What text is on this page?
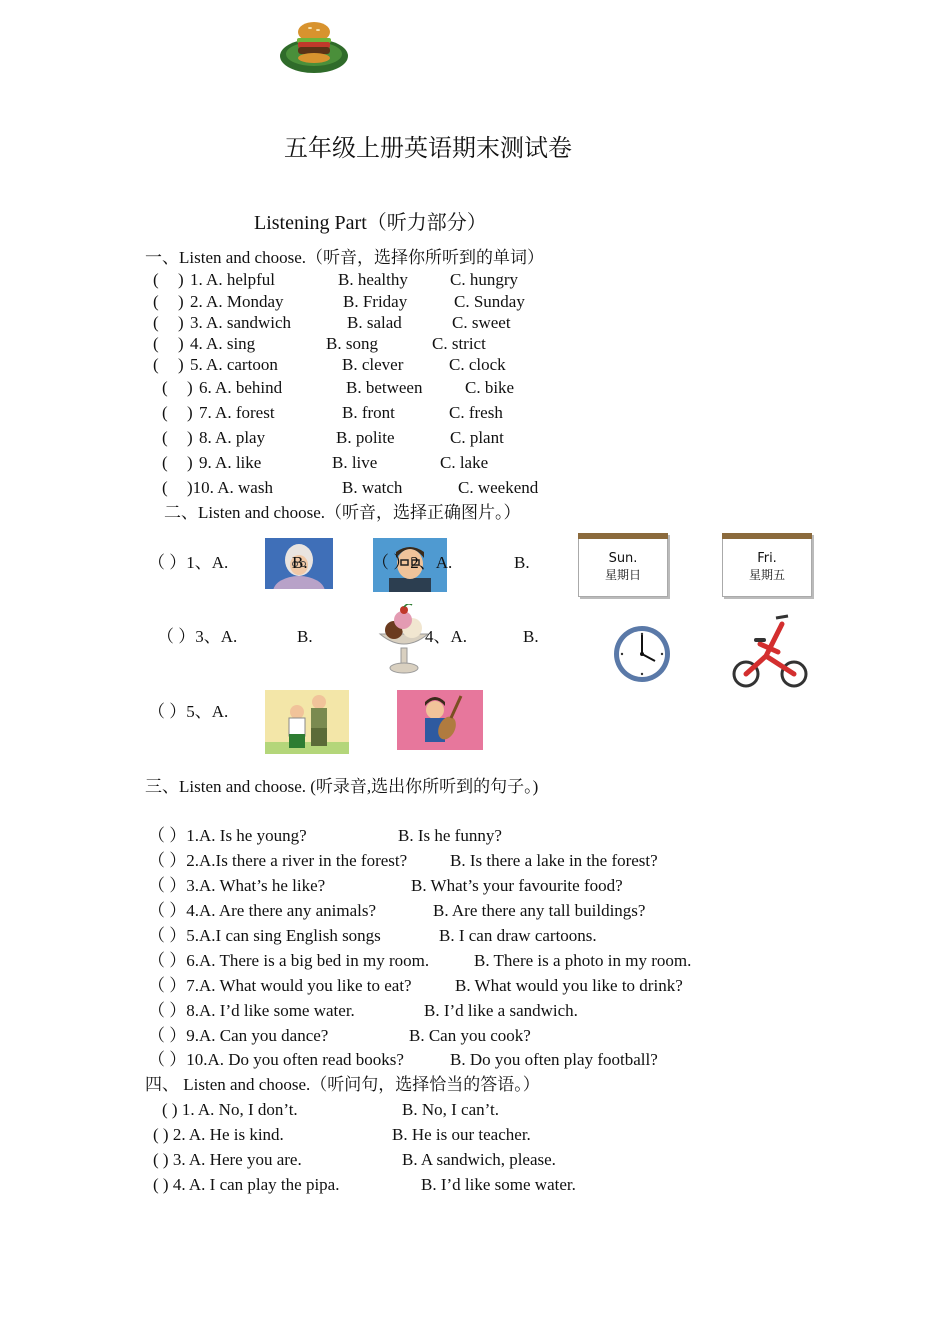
五年级上册英语期末测试卷
Listening Part（听力部分）
一、Listen and choose.（听音，选择你所听到的单词）
( ) 1. A. helpful	B. healthy C. hungry
( ) 2. A. Monday	B. Friday	C. Sunday
( ) 3. A. sandwich	B. salad	C. sweet
( ) 4. A. sing	B. song	C. strict
( ) 5. A. cartoon	B. clever	C. clock
( ) 6. A. behind	B. between	C. bike
( ) 7. A. forest	B. front	C. fresh
( ) 8. A. play	B. polite	C. plant
( ) 9. A. like	B. live	C. lake
( )10. A. wash	B. watch	C. weekend
二、Listen and choose.（听音，选择正确图片。）
（ ）1、A.	B.	（ ）2、A.	B.	Sun.
星期日
Fri.
星期五
（ ）3、A.	B.	4、A.	B.
（ ）5、A.
三、Listen and choose. (听录音,选出你所听到的句子。)
（ ）1.A. Is he young?	B. Is he funny?
（ ）2.A.Is there a river in the forest?	B. Is there a lake in the forest?
（ ）3.A. What’s he like?	B. What’s your favourite food?
（ ）4.A. Are there any animals?	B. Are there any tall buildings?
（ ）5.A.I can sing English songs	B. I can draw cartoons.
（ ）6.A. There is a big bed in my room.	B. There is a photo in my room.
（ ）7.A. What would you like to eat?	B. What would you like to drink?
（ ）8.A. I’d like some water.	B. I’d like a sandwich.
（ ）9.A. Can you dance?	B. Can you cook?
（ ）10.A. Do you often read books?	B. Do you often play football?
四、 Listen and choose.（听问句，选择恰当的答语。）
( ) 1. A. No, I don’t.	B. No, I can’t.
( ) 2. A. He is kind.	B. He is our teacher.
( ) 3. A. Here you are.	B. A sandwich, please.
( ) 4. A. I can play the pipa.	B. I’d like some water.
